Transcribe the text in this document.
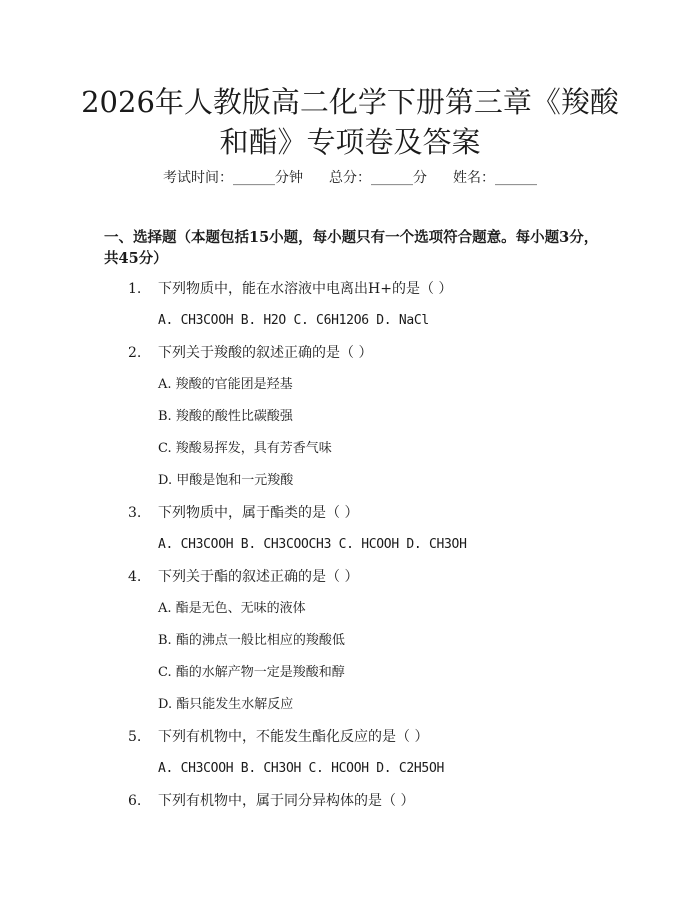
2026年人教版高二化学下册第三章《羧酸和酯》专项卷及答案
考试时间：______分钟 总分：______分 姓名：______
一、选择题（本题包括15小题，每小题只有一个选项符合题意。每小题3分，共45分）
1. 下列物质中，能在水溶液中电离出H+的是（ ）
A. CH3COOH B. H2O C. C6H12O6 D. NaCl
2. 下列关于羧酸的叙述正确的是（ ）
A. 羧酸的官能团是羟基
B. 羧酸的酸性比碳酸强
C. 羧酸易挥发，具有芳香气味
D. 甲酸是饱和一元羧酸
3. 下列物质中，属于酯类的是（ ）
A. CH3COOH B. CH3COOCH3 C. HCOOH D. CH3OH
4. 下列关于酯的叙述正确的是（ ）
A. 酯是无色、无味的液体
B. 酯的沸点一般比相应的羧酸低
C. 酯的水解产物一定是羧酸和醇
D. 酯只能发生水解反应
5. 下列有机物中，不能发生酯化反应的是（ ）
A. CH3COOH B. CH3OH C. HCOOH D. C2H5OH
6. 下列有机物中，属于同分异构体的是（ ）
